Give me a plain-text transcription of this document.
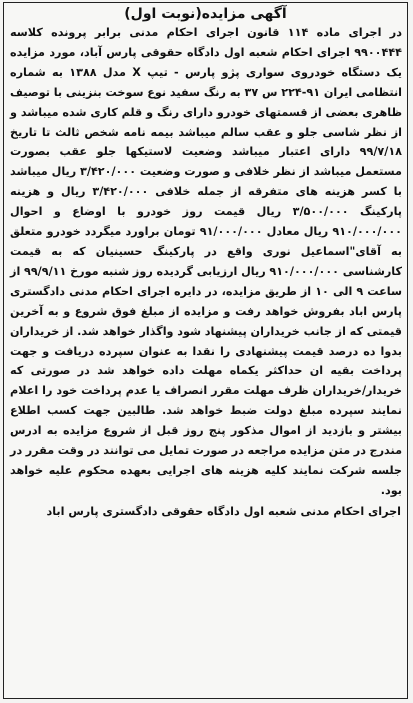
آگهی مزایده(نوبت اول)

در اجرای ماده ۱۱۴ قانون اجرای احکام مدنی برابر پرونده کلاسه ۹۹۰۰۴۴۴ اجرای احکام شعبه اول دادگاه حقوقی پارس آباد، مورد مزایده یک دستگاه خودروی سواری پژو پارس - تیپ X مدل ۱۳۸۸ به شماره انتظامی ایران ۹۱-۲۲۴ س ۳۷ به رنگ سفید نوع سوخت بنزینی با توصیف ظاهری بعضی از قسمتهای خودرو دارای رنگ و قلم کاری شده میباشد و از نظر شاسی جلو و عقب سالم میباشد بیمه نامه شخص ثالث تا تاریخ ۹۹/۷/۱۸ دارای اعتبار میباشد وضعیت لاستیکها جلو عقب بصورت مستعمل میباشد از نظر خلافی و صورت وضعیت ۳/۴۲۰/۰۰۰ ریال میباشد با کسر هزینه های متفرقه از جمله خلافی ۳/۴۲۰/۰۰۰ ریال و هزینه پارکینگ ۳/۵۰۰/۰۰۰ ریال قیمت روز خودرو با اوضاع و احوال ۹۱۰/۰۰۰/۰۰۰ ریال معادل ۹۱/۰۰۰/۰۰۰ تومان براورد میگردد خودرو متعلق به آقای"اسماعیل نوری واقع در پارکینگ حسینیان که به قیمت کارشناسی ۹۱۰/۰۰۰/۰۰۰ ریال ارزیابی گردیده روز شنبه مورخ ۹۹/۹/۱۱ از ساعت ۹ الی ۱۰ از طریق مزایده، در دایره اجرای احکام مدنی دادگستری پارس اباد بفروش خواهد رفت و مزایده از مبلغ فوق شروع و به آخرین قیمتی که از جانب خریداران پیشنهاد شود واگذار خواهد شد. از خریداران بدوا ده درصد قیمت پیشنهادی را نقدا به عنوان سپرده دریافت و جهت پرداخت بقیه ان حداکثر یکماه مهلت داده خواهد شد در صورتی که خریدار/خریداران ظرف مهلت مقرر انصراف یا عدم پرداخت خود را اعلام نمایند سپرده مبلغ دولت ضبط خواهد شد. طالبین جهت کسب اطلاع بیشتر و بازدید از اموال مذکور پنج روز قبل از شروع مزایده به ادرس مندرج در متن مزایده مراجعه در صورت تمایل می توانند در وقت مقرر در جلسه شرکت نمایند کلیه هزینه های اجرایی بعهده محکوم علیه خواهد بود.

اجرای احکام مدنی شعبه اول دادگاه حقوقی دادگستری پارس اباد
